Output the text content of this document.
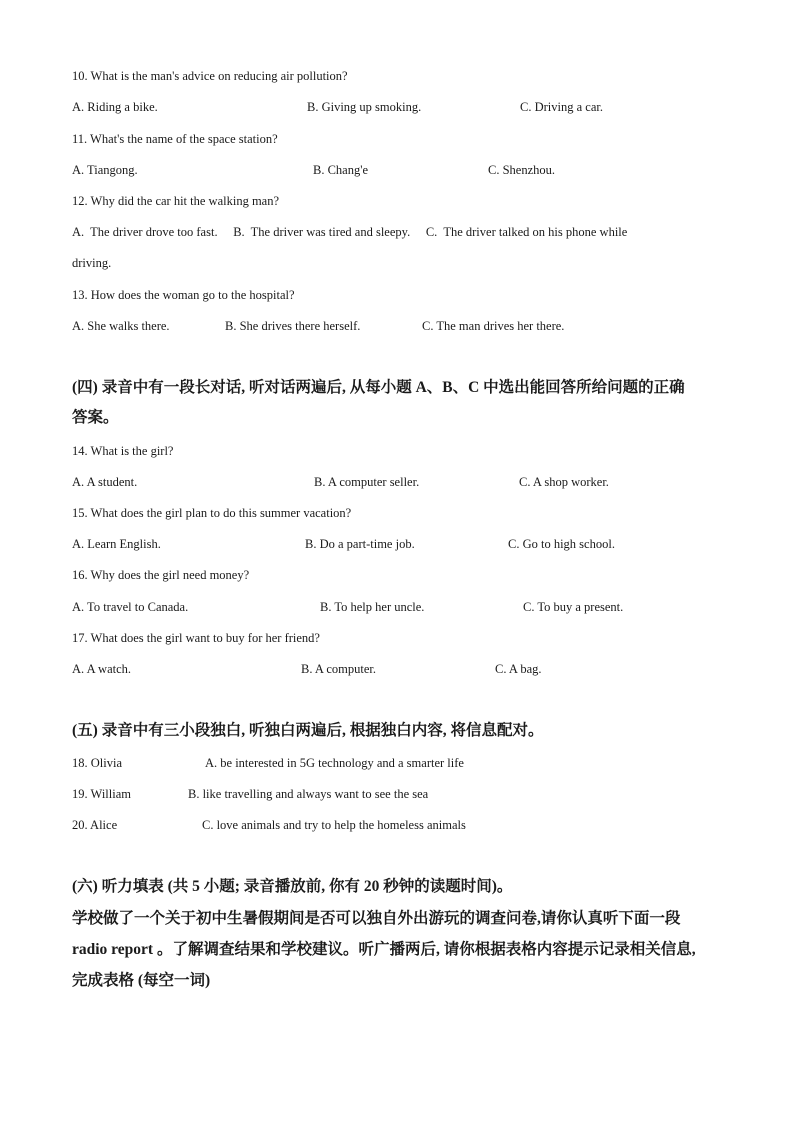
10. What is the man's advice on reducing air pollution?
A. Riding a bike.	B. Giving up smoking.	C. Driving a car.
11. What's the name of the space station?
A. Tiangong.	B. Chang'e	C. Shenzhou.
12. Why did the car hit the walking man?
A.  The driver drove too fast.     B.  The driver was tired and sleepy.     C.  The driver talked on his phone while
driving.
13. How does the woman go to the hospital?
A. She walks there.	B. She drives there herself.	C. The man drives her there.
(四) 录音中有一段长对话, 听对话两遍后, 从每小题 A、B、C 中选出能回答所给问题的正确
答案。
14. What is the girl?
A. A student.	B. A computer seller.	C. A shop worker.
15. What does the girl plan to do this summer vacation?
A. Learn English.	B. Do a part-time job.	C. Go to high school.
16. Why does the girl need money?
A. To travel to Canada.	B. To help her uncle.	C. To buy a present.
17. What does the girl want to buy for her friend?
A. A watch.	B. A computer.	C. A bag.
(五) 录音中有三小段独白, 听独白两遍后, 根据独白内容, 将信息配对。
18. Olivia	A. be interested in 5G technology and a smarter life
19. William	B. like travelling and always want to see the sea
20. Alice	C. love animals and try to help the homeless animals
(六) 听力填表 (共 5 小题; 录音播放前, 你有 20 秒钟的读题时间)。
学校做了一个关于初中生暑假期间是否可以独自外出游玩的调查问卷,请你认真听下面一段
radio report 。了解调查结果和学校建议。听广播两后, 请你根据表格内容提示记录相关信息,
完成表格 (每空一词)
